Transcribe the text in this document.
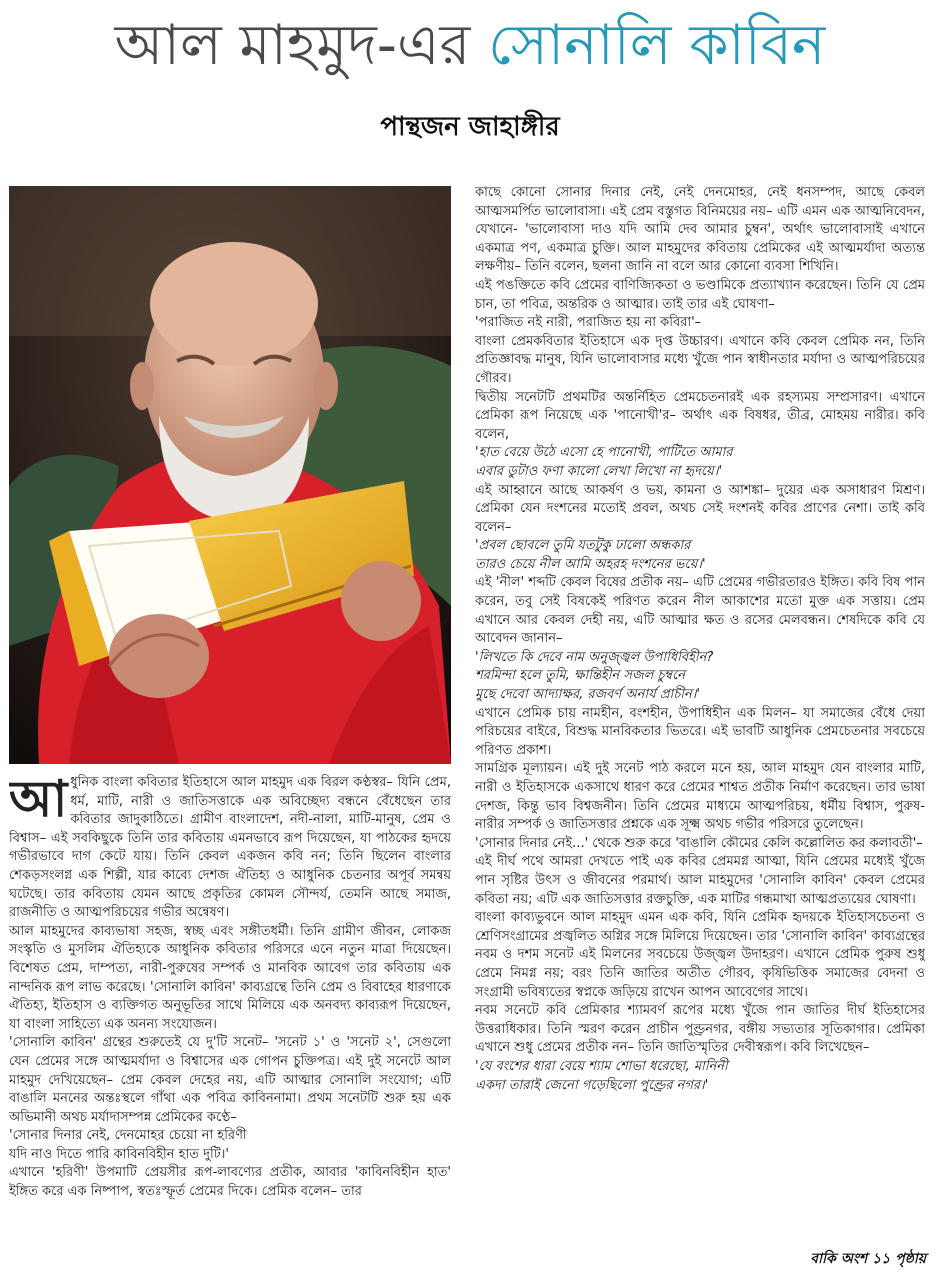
আল মাহমুদ-এর সোনালি কাবিন
পান্থজন জাহাঙ্গীর
আ ধুনিক বাংলা কবিতার ইতিহাসে আল মাহমুদ এক বিরল কণ্ঠস্বর– যিনি প্রেম, ধর্ম, মাটি, নারী ও জাতিসত্তাকে এক অবিচ্ছেদ্য বন্ধনে বেঁধেছেন তার কবিতার জাদুকাঠিতে। গ্রামীণ বাংলাদেশ, নদী-নালা, মাটি-মানুষ, প্রেম ও বিশ্বাস– এই সবকিছুকে তিনি তার কবিতায় এমনভাবে রূপ দিয়েছেন, যা পাঠকের হৃদয়ে গভীরভাবে দাগ কেটে যায়। তিনি কেবল একজন কবি নন; তিনি ছিলেন বাংলার শেকড়সংলগ্ন এক শিল্পী, যার কাব্যে দেশজ ঐতিহ্য ও আধুনিক চেতনার অপূর্ব সমন্বয় ঘটেছে। তার কবিতায় যেমন আছে প্রকৃতির কোমল সৌন্দর্য, তেমনি আছে সমাজ, রাজনীতি ও আত্মপরিচয়ের গভীর অন্বেষণ।

আল মাহমুদের কাব্যভাষা সহজ, স্বচ্ছ এবং সঙ্গীতধর্মী। তিনি গ্রামীণ জীবন, লোকজ সংস্কৃতি ও মুসলিম ঐতিহ্যকে আধুনিক কবিতার পরিসরে এনে নতুন মাত্রা দিয়েছেন। বিশেষত প্রেম, দাম্পত্য, নারী-পুরুষের সম্পর্ক ও মানবিক আবেগ তার কবিতায় এক নান্দনিক রূপ লাভ করেছে। 'সোনালি কাবিন' কাব্যগ্রন্থে তিনি প্রেম ও বিবাহের ধারণাকে ঐতিহ্য, ইতিহাস ও ব্যক্তিগত অনুভূতির সাথে মিলিয়ে এক অনবদ্য কাব্যরূপ দিয়েছেন, যা বাংলা সাহিত্যে এক অনন্য সংযোজন।

'সোনালি কাবিন' গ্রন্থের শুরুতেই যে দু'টি সনেট– 'সনেট ১' ও 'সনেট ২', সেগুলো যেন প্রেমের সঙ্গে আত্মমর্যাদা ও বিশ্বাসের এক গোপন চুক্তিপত্র। এই দুই সনেটে আল মাহমুদ দেখিয়েছেন– প্রেম কেবল দেহের নয়, এটি আত্মার সোনালি সংযোগ; এটি বাঙালি মননের অন্তঃস্থলে গাঁথা এক পবিত্র কাবিননামা। প্রথম সনেটটি শুরু হয় এক অভিমানী অথচ মর্যাদাসম্পন্ন প্রেমিকের কণ্ঠে–

'সোনার দিনার নেই, দেনমোহর চেয়ো না হরিণী

যদি নাও দিতে পারি কাবিনবিহীন হাত দুটি।'

এখানে 'হরিণী' উপমাটি প্রেয়সীর রূপ-লাবণ্যের প্রতীক, আবার 'কাবিনবিহীন হাত' ইঙ্গিত করে এক নিষ্পাপ, স্বতঃস্ফূর্ত প্রেমের দিকে। প্রেমিক বলেন– তার

কাছে কোনো সোনার দিনার নেই, নেই দেনমোহর, নেই ধনসম্পদ, আছে কেবল আত্মসমর্পিত ভালোবাসা। এই প্রেম বস্তুগত বিনিময়ের নয়– এটি এমন এক আত্মনিবেদন, যেখানে- 'ভালোবাসা দাও যদি আমি দেব আমার চুম্বন', অর্থাৎ ভালোবাসাই এখানে একমাত্র পণ, একমাত্র চুক্তি। আল মাহমুদের কবিতায় প্রেমিকের এই আত্মমর্যাদা অত্যন্ত লক্ষণীয়– তিনি বলেন, ছলনা জানি না বলে আর কোনো ব্যবসা শিখিনি।

এই পঙক্তিতে কবি প্রেমের বাণিজ্যিকতা ও ভণ্ডামিকে প্রত্যাখ্যান করেছেন। তিনি যে প্রেম চান, তা পবিত্র, অন্তরিক ও আত্মার। তাই তার এই ঘোষণা–

'পরাজিত নই নারী, পরাজিত হয় না কবিরা'–

বাংলা প্রেমকবিতার ইতিহাসে এক দৃপ্ত উচ্চারণ। এখানে কবি কেবল প্রেমিক নন, তিনি প্রতিজ্ঞাবদ্ধ মানুষ, যিনি ভালোবাসার মধ্যে খুঁজে পান স্বাধীনতার মর্যাদা ও আত্মপরিচয়ের গৌরব।

দ্বিতীয় সনেটটি প্রথমটির অন্তর্নিহিত প্রেমচেতনারই এক রহস্যময় সম্প্রসারণ। এখানে প্রেমিকা রূপ নিয়েছে এক 'পানোখী'র– অর্থাৎ এক বিষধর, তীব্র, মোহময় নারীর। কবি বলেন,

'হাত বেয়ে উঠে এসো হে পানোখী, পাটিতে আমার

এবার ডুটাও ফণা কালো লেখা লিখো না হৃদয়ে।'

এই আহ্বানে আছে আকর্ষণ ও ভয়, কামনা ও আশঙ্কা– দুয়ের এক অসাধারণ মিশ্রণ। প্রেমিকা যেন দংশনের মতোই প্রবল, অথচ সেই দংশনই কবির প্রাণের নেশা। তাই কবি বলেন–

'প্রবল ছোবলে তুমি যতটুকু ঢালো অন্ধকার

তারও চেয়ে নীল আমি অহরহ দংশনের ভয়ে।'

এই 'নীল' শব্দটি কেবল বিষের প্রতীক নয়– এটি প্রেমের গভীরতারও ইঙ্গিত। কবি বিষ পান করেন, তবু সেই বিষকেই পরিণত করেন নীল আকাশের মতো মুক্ত এক সত্তায়। প্রেম এখানে আর কেবল দেহী নয়, এটি আত্মার ক্ষত ও রসের মেলবন্ধন। শেষদিকে কবি যে আবেদন জানান–

'লিখতে কি দেবে নাম অনুজ্জ্বল উপাধিবিহীন?

শরমিন্দা হলে তুমি, ক্ষান্তিহীন সজল চুম্বনে

মুছে দেবো আদ্যাক্ষর, রজবর্ণ অনার্য প্রাচীন।'

এখানে প্রেমিক চায় নামহীন, বংশহীন, উপাধিহীন এক মিলন– যা সমাজের বেঁধে দেয়া পরিচয়ের বাইরে, বিশুদ্ধ মানবিকতার ভিতরে। এই ভাবটি আধুনিক প্রেমচেতনার সবচেয়ে পরিণত প্রকাশ।

সামগ্রিক মূল্যায়ন। এই দুই সনেট পাঠ করলে মনে হয়, আল মাহমুদ যেন বাংলার মাটি, নারী ও ইতিহাসকে একসাথে ধারণ করে প্রেমের শাশ্বত প্রতীক নির্মাণ করেছেন। তার ভাষা দেশজ, কিন্তু ভাব বিশ্বজনীন। তিনি প্রেমের মাধ্যমে আত্মপরিচয়, ধর্মীয় বিশ্বাস, পুরুষ-নারীর সম্পর্ক ও জাতিসত্তার প্রশ্নকে এক সূক্ষ্ম অথচ গভীর পরিসরে তুলেছেন।

'সোনার দিনার নেই...' থেকে শুরু করে 'বাঙালি কৌমের কেলি কল্লোলিত কর কলাবতী'–

এই দীর্ঘ পথে আমরা দেখতে পাই এক কবির প্রেমমগ্ন আত্মা, যিনি প্রেমের মধ্যেই খুঁজে পান সৃষ্টির উৎস ও জীবনের পরমার্থ। আল মাহমুদের 'সোনালি কাবিন' কেবল প্রেমের কবিতা নয়; এটি এক জাতিসত্তার রক্তচুক্তি, এক মাটির গন্ধমাখা আত্মপ্রত্যয়ের ঘোষণা।

বাংলা কাব্যভুবনে আল মাহমুদ এমন এক কবি, যিনি প্রেমিক হৃদয়কে ইতিহাসচেতনা ও শ্রেণিসংগ্রামের প্রজ্বলিত অগ্নির সঙ্গে মিলিয়ে দিয়েছেন। তার 'সোনালি কাবিন' কাব্যগ্রন্থের নবম ও দশম সনেট এই মিলনের সবচেয়ে উজ্জ্বল উদাহরণ। এখানে প্রেমিক পুরুষ শুধু প্রেমে নিমগ্ন নয়; বরং তিনি জাতির অতীত গৌরব, কৃষিভিত্তিক সমাজের বেদনা ও সংগ্রামী ভবিষ্যতের স্বপ্নকে জড়িয়ে রাখেন আপন আবেগের সাথে।

নবম সনেটে কবি প্রেমিকার শ্যামবর্ণ রূপের মধ্যে খুঁজে পান জাতির দীর্ঘ ইতিহাসের উত্তরাধিকার। তিনি স্মরণ করেন প্রাচীন পুণ্ড্রনগর, বঙ্গীয় সভ্যতার সূতিকাগার। প্রেমিকা এখানে শুধু প্রেমের প্রতীক নন– তিনি জাতিস্মৃতির দেবীস্বরূপ। কবি লিখেছেন–

'যে বংশের ধারা বেয়ে শ্যাম শোভা ধরেছো, মানিনী

একদা তারাই জেনো গড়েছিলো পুণ্ড্রের নগর।'

বাকি অংশ ১১ পৃষ্ঠায়
